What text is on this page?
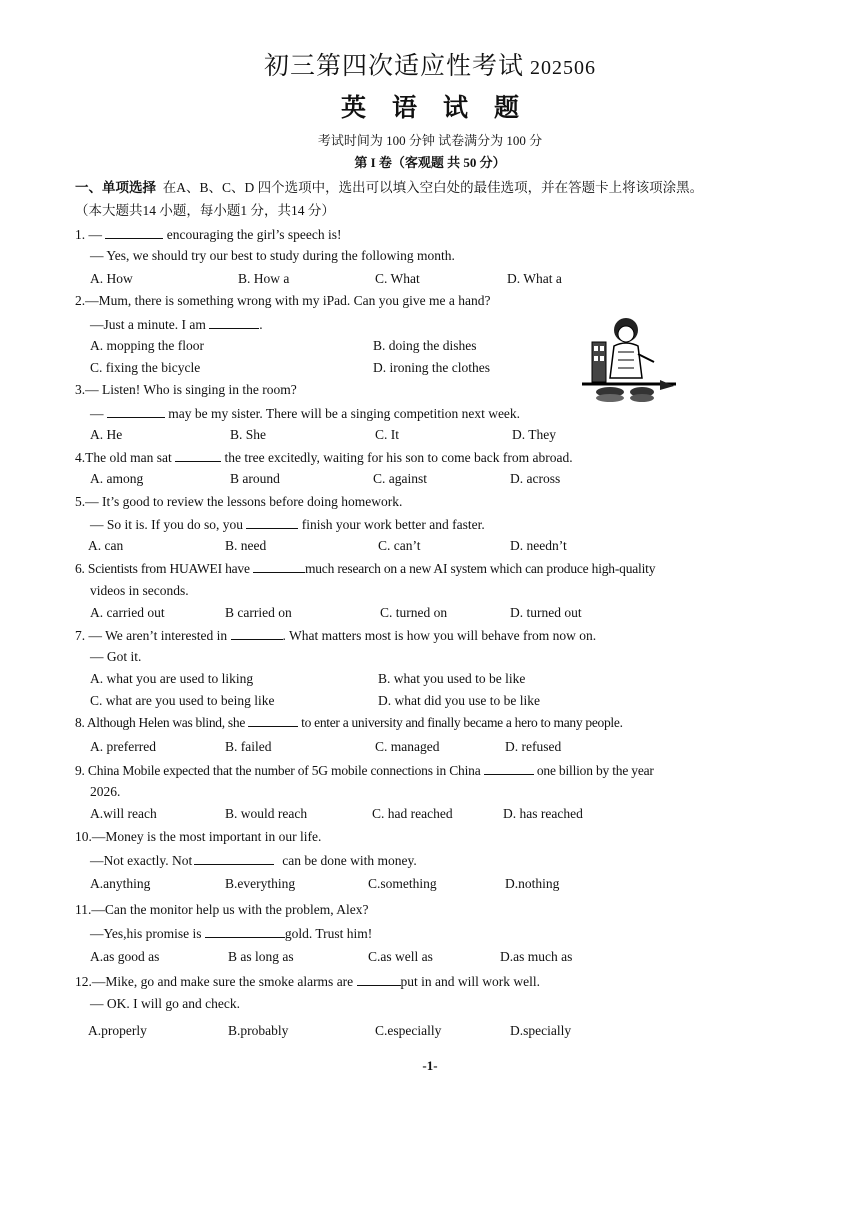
初三第四次适应性考试 202506
英语试题
考试时间为 100 分钟 试卷满分为 100 分
第 I 卷（客观题 共 50 分）
一、单项选择 在A、B、C、D 四个选项中，选出可以填入空白处的最佳选项，并在答题卡上将该项涂黑。
（本大题共14 小题，每小题1 分，共14 分）
1. —	encouraging the girl’s speech is!
— Yes, we should try our best to study during the following month.
A. How	B. How a	C. What	D. What a
2.—Mum, there is something wrong with my iPad. Can you give me a hand?
—Just a minute. I am	.
A. mopping the floor	B. doing the dishes
C. fixing the bicycle	D. ironing the clothes
3.— Listen! Who is singing in the room?
—	may be my sister. There will be a singing competition next week.
A. He	B. She	C. It	D. They
4.The old man sat	the tree excitedly, waiting for his son to come back from abroad.
A. among	B around	C. against	D. across
5.— It’s good to review the lessons before doing homework.
— So it is. If you do so, you	finish your work better and faster.
A. can	B. need	C. can’t	D. needn’t
6. Scientists from HUAWEI have	much research on a new AI system which can produce high-quality
videos in seconds.
A. carried out	B carried on	C. turned on	D. turned out
7. — We aren’t interested in	. What matters most is how you will behave from now on.
— Got it.
A. what you are used to liking	B. what you used to be like
C. what are you used to being like	D. what did you use to be like
8. Although Helen was blind, she	to enter a university and finally became a hero to many people.
A. preferred	B. failed	C. managed	D. refused
9. China Mobile expected that the number of 5G mobile connections in China	one billion by the year
2026.
A.will reach	B. would reach	C. had reached	D. has reached
10.—Money is the most important in our life.
—Not exactly. Not	can be done with money.
A.anything	B.everything	C.something	D.nothing
11.—Can the monitor help us with the problem, Alex?
—Yes,his promise is	gold. Trust him!
A.as good as	B as long as	C.as well as	D.as much as
12.—Mike, go and make sure the smoke alarms are	put in and will work well.
— OK. I will go and check.
A.properly	B.probably	C.especially	D.specially
-1-
